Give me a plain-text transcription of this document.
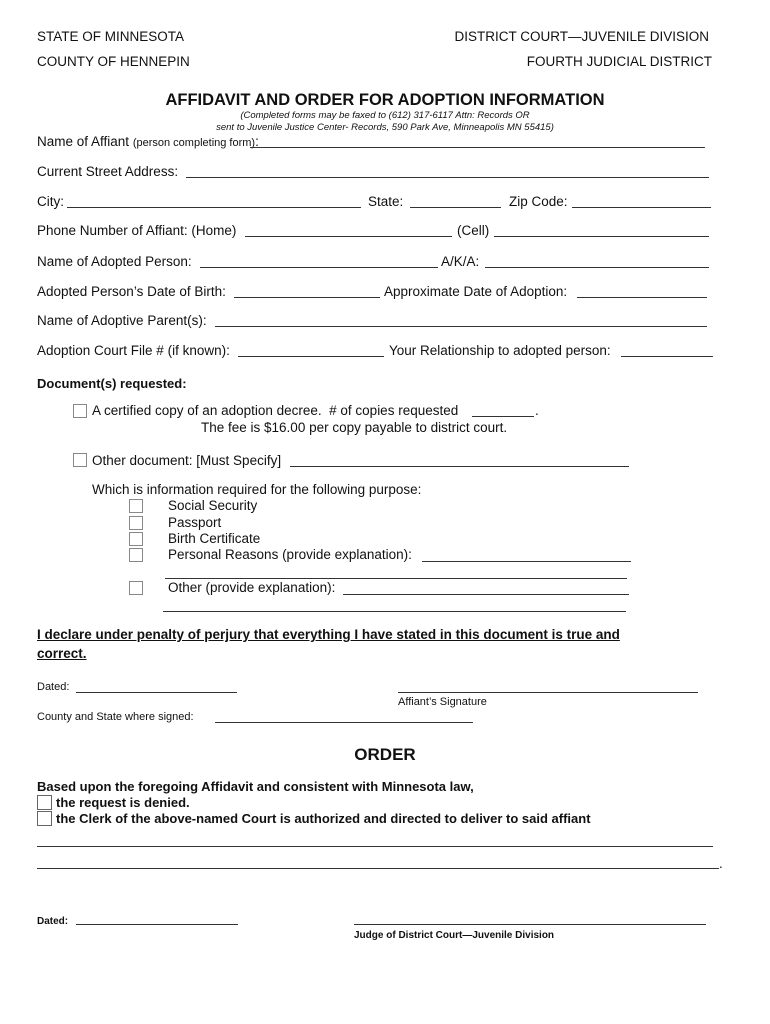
STATE OF MINNESOTA
COUNTY OF HENNEPIN
DISTRICT COURT—JUVENILE DIVISION
FOURTH JUDICIAL DISTRICT
AFFIDAVIT AND ORDER FOR ADOPTION INFORMATION
(Completed forms may be faxed to (612) 317-6117 Attn: Records OR
sent to Juvenile Justice Center- Records, 590 Park Ave, Minneapolis MN 55415)
Name of Affiant (person completing form):
Current Street Address:
City:	State:	Zip Code:
Phone Number of Affiant: (Home)	(Cell)
Name of Adopted Person:	A/K/A:
Adopted Person’s Date of Birth:	Approximate Date of Adoption:
Name of Adoptive Parent(s):
Adoption Court File # (if known):	Your Relationship to adopted person:
Document(s) requested:
A certified copy of an adoption decree.  # of copies requested	.
The fee is $16.00 per copy payable to district court.
Other document: [Must Specify]
Which is information required for the following purpose:
Social Security
Passport
Birth Certificate
Personal Reasons (provide explanation):
Other (provide explanation):
I declare under penalty of perjury that everything I have stated in this document is true and
correct.
Dated:
Affiant’s Signature
County and State where signed:
ORDER
Based upon the foregoing Affidavit and consistent with Minnesota law,
the request is denied.
the Clerk of the above-named Court is authorized and directed to deliver to said affiant
.
Dated:
Judge of District Court—Juvenile Division
